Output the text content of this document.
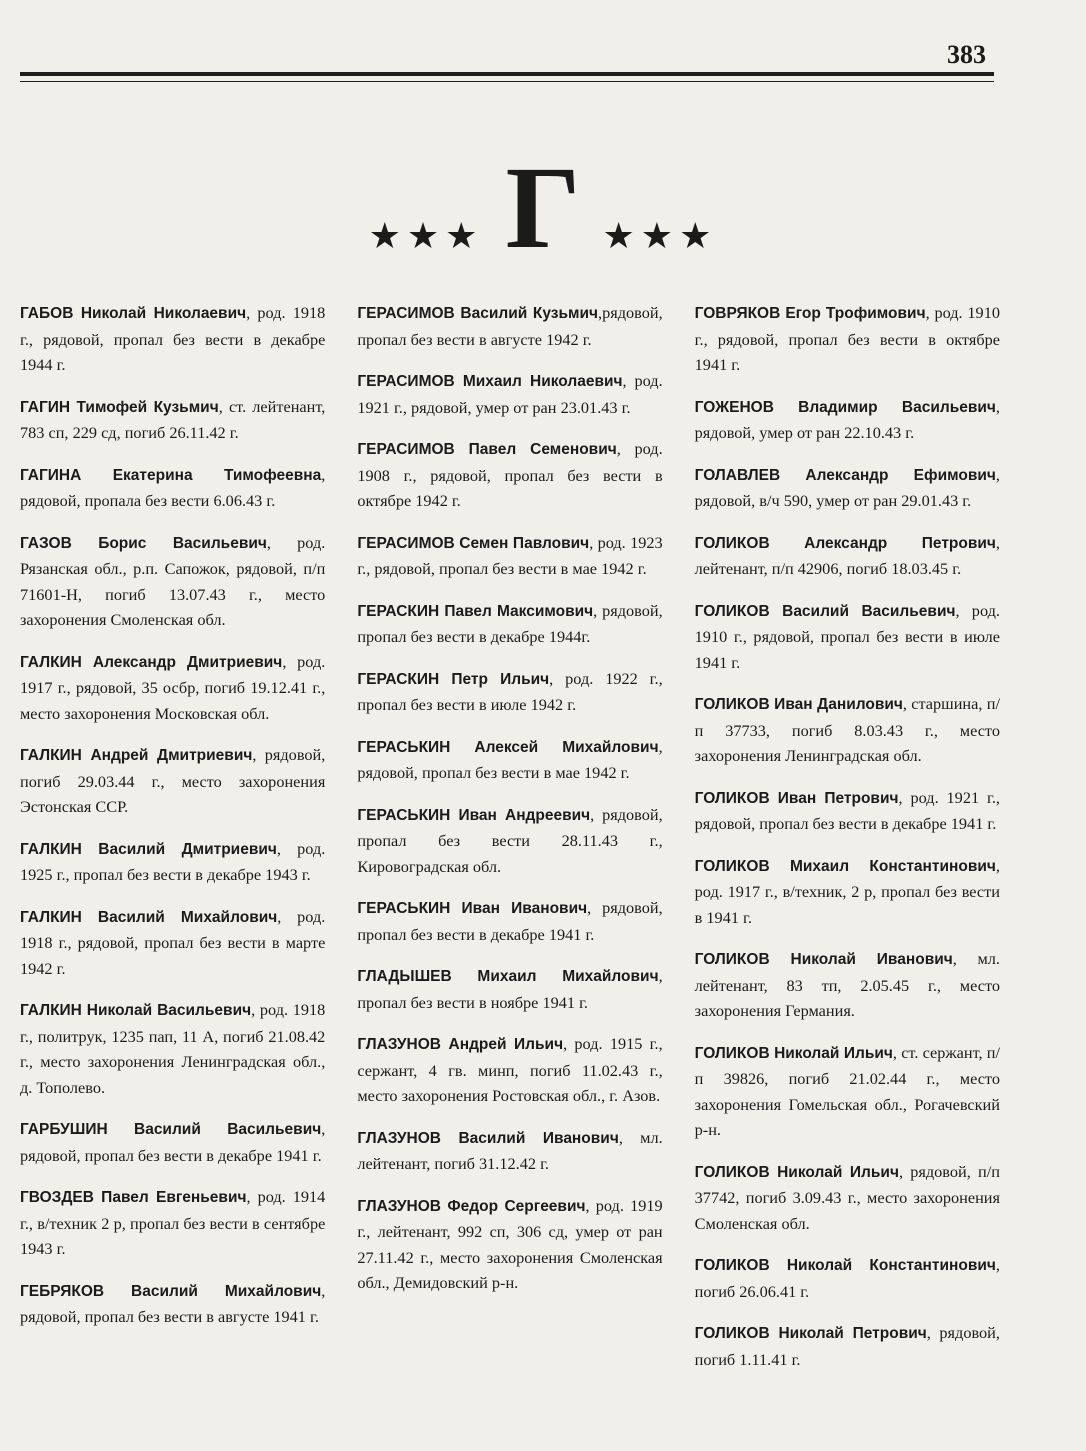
383
★★★ Г ★★★
ГАБОВ Николай Николаевич, род. 1918 г., рядовой, пропал без вести в декабре 1944 г.
ГАГИН Тимофей Кузьмич, ст. лейтенант, 783 сп, 229 сд, погиб 26.11.42 г.
ГАГИНА Екатерина Тимофеевна, рядовой, пропала без вести 6.06.43 г.
ГАЗОВ Борис Васильевич, род. Рязанская обл., р.п. Сапожок, рядовой, п/п 71601-Н, погиб 13.07.43 г., место захоронения Смоленская обл.
ГАЛКИН Александр Дмитриевич, род. 1917 г., рядовой, 35 осбр, погиб 19.12.41 г., место захоронения Московская обл.
ГАЛКИН Андрей Дмитриевич, рядовой, погиб 29.03.44 г., место захоронения Эстонская ССР.
ГАЛКИН Василий Дмитриевич, род. 1925 г., пропал без вести в декабре 1943 г.
ГАЛКИН Василий Михайлович, род. 1918 г., рядовой, пропал без вести в марте 1942 г.
ГАЛКИН Николай Васильевич, род. 1918 г., политрук, 1235 пап, 11 А, погиб 21.08.42 г., место захоронения Ленинградская обл., д. Тополево.
ГАРБУШИН Василий Васильевич, рядовой, пропал без вести в декабре 1941 г.
ГВОЗДЕВ Павел Евгеньевич, род. 1914 г., в/техник 2 р, пропал без вести в сентябре 1943 г.
ГЕБРЯКОВ Василий Михайлович, рядовой, пропал без вести в августе 1941 г.
ГЕРАСИМОВ Василий Кузьмич,рядовой, пропал без вести в августе 1942 г.
ГЕРАСИМОВ Михаил Николаевич, род. 1921 г., рядовой, умер от ран 23.01.43 г.
ГЕРАСИМОВ Павел Семенович, род. 1908 г., рядовой, пропал без вести в октябре 1942 г.
ГЕРАСИМОВ Семен Павлович, род. 1923 г., рядовой, пропал без вести в мае 1942 г.
ГЕРАСКИН Павел Максимович, рядовой, пропал без вести в декабре 1944г.
ГЕРАСКИН Петр Ильич, род. 1922 г., пропал без вести в июле 1942 г.
ГЕРАСЬКИН Алексей Михайлович, рядовой, пропал без вести в мае 1942 г.
ГЕРАСЬКИН Иван Андреевич, рядовой, пропал без вести 28.11.43 г., Кировоградская обл.
ГЕРАСЬКИН Иван Иванович, рядовой, пропал без вести в декабре 1941 г.
ГЛАДЫШЕВ Михаил Михайлович, пропал без вести в ноябре 1941 г.
ГЛАЗУНОВ Андрей Ильич, род. 1915 г., сержант, 4 гв. минп, погиб 11.02.43 г., место захоронения Ростовская обл., г. Азов.
ГЛАЗУНОВ Василий Иванович, мл. лейтенант, погиб 31.12.42 г.
ГЛАЗУНОВ Федор Сергеевич, род. 1919 г., лейтенант, 992 сп, 306 сд, умер от ран 27.11.42 г., место захоронения Смоленская обл., Демидовский р-н.
ГОВРЯКОВ Егор Трофимович, род. 1910 г., рядовой, пропал без вести в октябре 1941 г.
ГОЖЕНОВ Владимир Васильевич, рядовой, умер от ран 22.10.43 г.
ГОЛАВЛЕВ Александр Ефимович, рядовой, в/ч 590, умер от ран 29.01.43 г.
ГОЛИКОВ Александр Петрович, лейтенант, п/п 42906, погиб 18.03.45 г.
ГОЛИКОВ Василий Васильевич, род. 1910 г., рядовой, пропал без вести в июле 1941 г.
ГОЛИКОВ Иван Данилович, старшина, п/п 37733, погиб 8.03.43 г., место захоронения Ленинградская обл.
ГОЛИКОВ Иван Петрович, род. 1921 г., рядовой, пропал без вести в декабре 1941 г.
ГОЛИКОВ Михаил Константинович, род. 1917 г., в/техник, 2 р, пропал без вести в 1941 г.
ГОЛИКОВ Николай Иванович, мл. лейтенант, 83 тп, 2.05.45 г., место захоронения Германия.
ГОЛИКОВ Николай Ильич, ст. сержант, п/п 39826, погиб 21.02.44 г., место захоронения Гомельская обл., Рогачевский р-н.
ГОЛИКОВ Николай Ильич, рядовой, п/п 37742, погиб 3.09.43 г., место захоронения Смоленская обл.
ГОЛИКОВ Николай Константинович, погиб 26.06.41 г.
ГОЛИКОВ Николай Петрович, рядовой, погиб 1.11.41 г.
